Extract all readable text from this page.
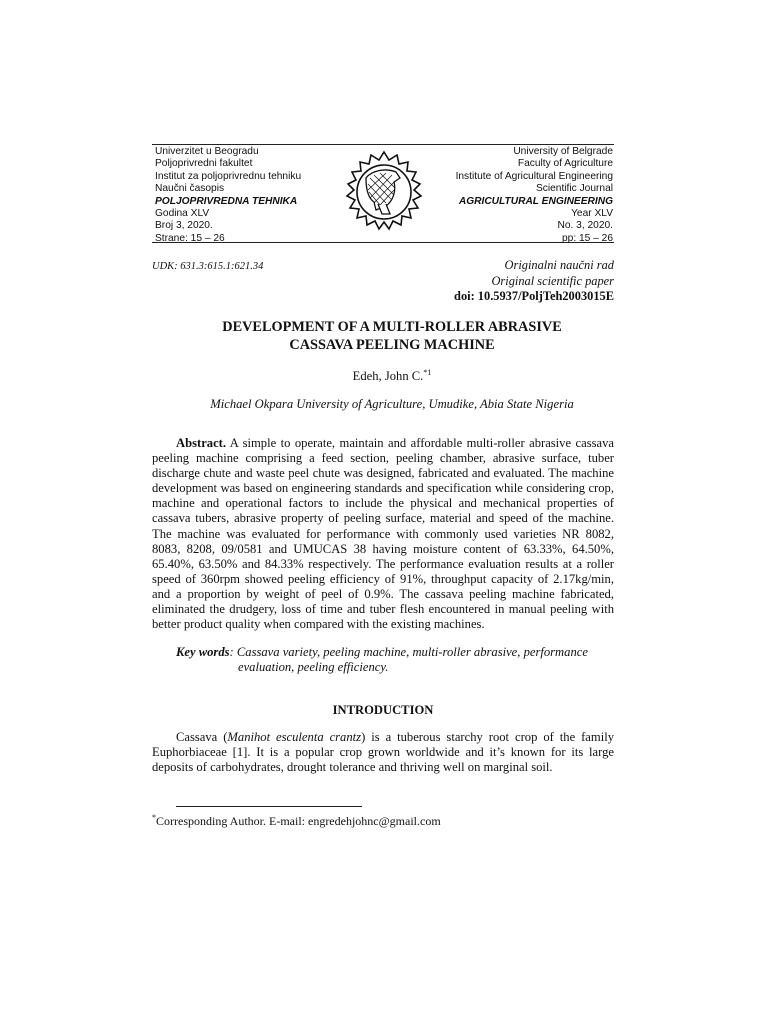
Univerzitet u Beogradu
Poljoprivredni fakultet
Institut za poljoprivrednu tehniku
Naučni časopis
POLJOPRIVREDNA TEHNIKA
Godina XLV
Broj 3, 2020.
Strane: 15 – 26
University of Belgrade
Faculty of Agriculture
Institute of Agricultural Engineering
Scientific Journal
AGRICULTURAL ENGINEERING
Year XLV
No. 3, 2020.
pp: 15 – 26
UDK: 631.3:615.1:621.34	Originalni naučni rad
Original scientific paper
doi: 10.5937/PoljTeh2003015E
DEVELOPMENT OF A MULTI-ROLLER ABRASIVE
CASSAVA PEELING MACHINE
Edeh, John C.$^{*1}$
Michael Okpara University of Agriculture, Umudike, Abia State Nigeria

Abstract. A simple to operate, maintain and affordable multi-roller abrasive cassava peeling machine comprising a feed section, peeling chamber, abrasive surface, tuber discharge chute and waste peel chute was designed, fabricated and evaluated. The machine development was based on engineering standards and specification while considering crop, machine and operational factors to include the physical and mechanical properties of cassava tubers, abrasive property of peeling surface, material and speed of the machine. The machine was evaluated for performance with commonly used varieties NR 8082, 8083, 8208, 09/0581 and UMUCAS 38 having moisture content of 63.33%, 64.50%, 65.40%, 63.50% and 84.33% respectively. The performance evaluation results at a roller speed of 360rpm showed peeling efficiency of 91%, throughput capacity of 2.17kg/min, and a proportion by weight of peel of 0.9%. The cassava peeling machine fabricated, eliminated the drudgery, loss of time and tuber flesh encountered in manual peeling with better product quality when compared with the existing machines.

Key words: Cassava variety, peeling machine, multi-roller abrasive, performance
evaluation, peeling efficiency.
INTRODUCTION

Cassava (Manihot esculenta crantz) is a tuberous starchy root crop of the family Euphorbiaceae [1]. It is a popular crop grown worldwide and it’s known for its large deposits of carbohydrates, drought tolerance and thriving well on marginal soil.

*Corresponding Author. E-mail: engredehjohnc@gmail.com
